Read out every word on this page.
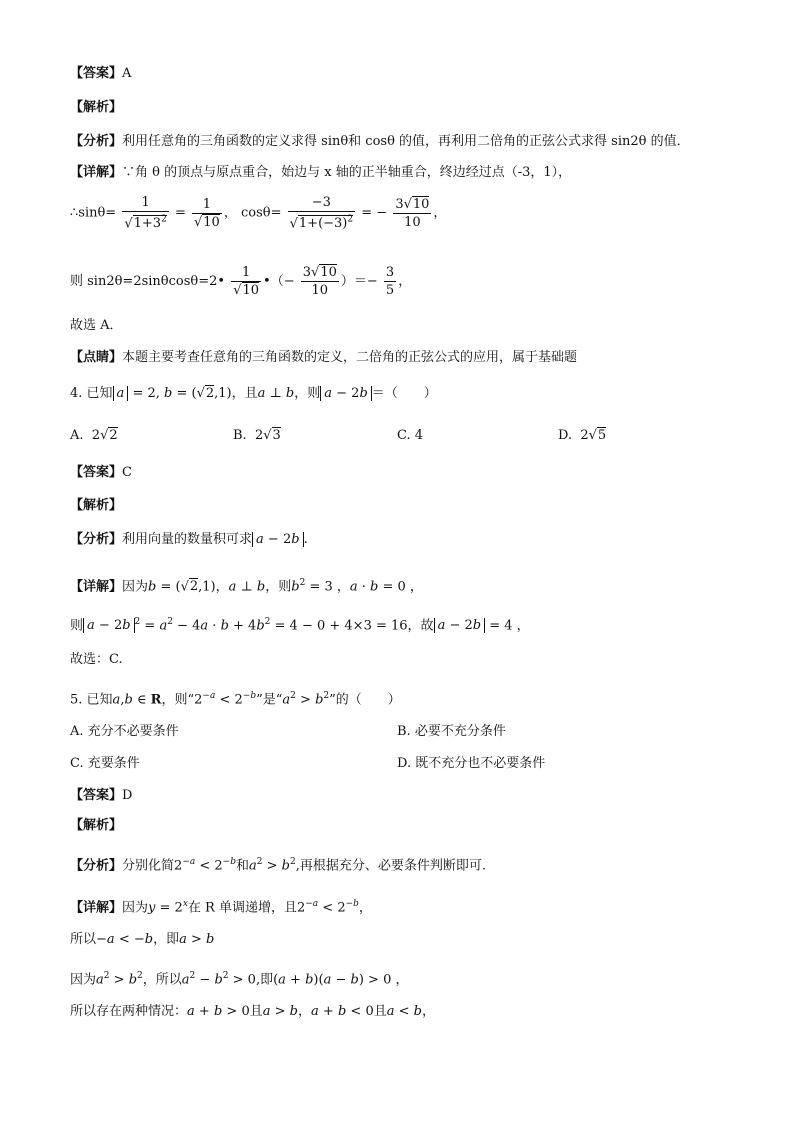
【答案】A
【解析】
【分析】利用任意角的三角函数的定义求得 sinθ和 cosθ 的值，再利用二倍角的正弦公式求得 sin2θ 的值．
【详解】∵角 θ 的顶点与原点重合，始边与 x 轴的正半轴重合，终边经过点（-3，1），
∴sinθ= $\frac{1}{√1+3^2} = \frac{1}{√10}$ ， $\cos\theta= \frac{-3}{√1+(-3)^2}$ = − $\frac{3√10}{10}$ ，
则 sin2θ=2sinθcosθ=2• $\frac{1}{√10}$ •（− $\frac{3√10}{10}$ ）＝− $\frac{3}{5}$ ，
故选 A．
【点睛】本题主要考查任意角的三角函数的定义，二倍角的正弦公式的应用，属于基础题
4. 已知 a = 2, b = (√2,1)，且a ⊥ b，则 a − 2b ＝（　　）
A.  2√2	B.  2√3	C. 4	D.  2√5
【答案】C
【解析】
【分析】利用向量的数量积可求 a − 2b .
【详解】因为b = (√2,1)，a ⊥ b，则$b^2 = 3$ ，a · b = 0 ，
则 a − 2b $^2 = a^2 - 4a \cdot b + 4b^2 = 4 - 0 + 4\times 3 = 16$，故 a − 2b = 4 ，
故选：C.
5. 已知a,b ∈ R，则“$2^{-a} < 2^{-b}$”是“$a^2 > b^2$”的（　　）
A. 充分不必要条件	B. 必要不充分条件
C. 充要条件	D. 既不充分也不必要条件
【答案】D
【解析】
【分析】分别化简$2^{-a} < 2^{-b}$和$a^2 > b^2$,再根据充分、必要条件判断即可.
【详解】因为$y = 2^x$在 R 单调递增，且$2^{-a} < 2^{-b}$，
所以−a < −b，即a > b
因为$a^2 > b^2$，所以$a^2 - b^2 > 0$,即(a + b)(a − b) > 0 ，
所以存在两种情况：a + b > 0且a > b，a + b < 0且a < b，
